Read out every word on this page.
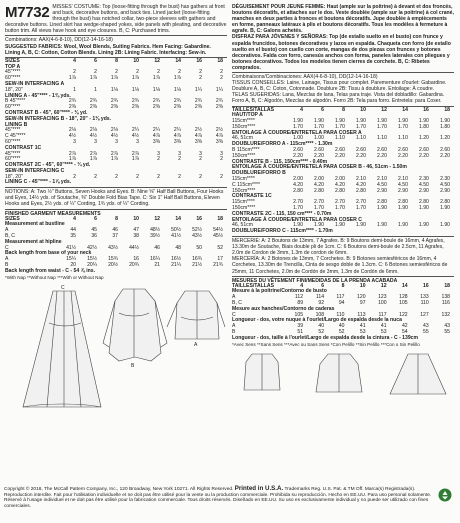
M7732 MISSES' COSTUME: Top (loose-fitting through the bust) has gathers at front and back, decorative buttons, and back ties. Lined jacket (loose-fitting through the bust) has notched collar, two-piece sleeves with gathers and decorative buttons. Lined skirt has wedge-shaped yokes, side panels with pleating, and decorative button trim. All views have hook and eye closures. B, C: Purchased trims.
Combinations: AAX(4-6-8-10), DD(12-14-16-18)
SUGGESTED FABRICS: Wool, Wool Blends, Suiting Fabrics. Hem Facing: Gabardine. Lining A, B, C: Cotton, Cotton Blends. Lining 2B: Lining Fabric. Interfacing: Sew-in.
SIZES	4	6	8	10	12	14	16	18
TOP A								
45"****	2	2	2	2	2	2	2	2
60"****	1⅞	1⅞	1⅞	1⅞	1⅞	1⅞	2	2
SEW-IN INTERFACING A								
18", 20"	1	1	1⅛	1⅛	1⅛	1⅛	1¼	1¼
LINING A - 45"**** - 1⅜ yds.								
B 45"****	2¾	2¾	2¾	2¾	2¾	2¾	2¾	2¾
60"****	2⅜	2⅜	2⅜	2⅜	2⅜	2⅜	2⅜	2⅜
CONTRAST B - 45", 60"**** - ⅜ yd.								
SEW-IN INTERFACING B - 18", 20" - 1⅜ yds.								
LINING B								
45"****	2⅛	2⅛	2⅛	2¼	2¼	2¼	2½	2½
C 45"****	4½	4½	4½	4½	4⅞	4⅞	4⅞	4⅞
60"****	3	3	3	3	3⅜	3⅜	3⅜	3⅜
CONTRAST 1C								
45"****	2⅞	2⅞	2⅞	2⅞	3	3	3	3
60"****	1⅞	1⅞	1⅞	1⅞	2	2	2	2
CONTRAST 2C - 45", 60"**** - ¾ yd.								
SEW-IN INTERFACING C								
18", 20"	2	2	2	2	2	2	2	2
LINING C - 45"**** - 1⅞ yds.								
NOTIONS: A: Two ½" Buttons, Seven Hooks and Eyes. B: Nine ⅝" Half Ball Buttons, Four Hooks and Eyes, 14½ yds. of Soutache, ⅜" Double Fold Bias Tape. C: Six 1" Half Ball Buttons, Eleven Hooks and Eyes, 2½ yds. of ¼" Cording, 1¾ yds. of ¼" Cording.
FINISHED GARMENT MEASUREMENTS
SIZES	4	6	8	10	12	14	16	18
Measurement at bustline								
A	44	45	46	47	48½	50½	52½	54½
B, C	35	36	37	38	39½	41½	43½	45½
Measurement at hipline								
C	41½	42½	43½	44½	46	48	50	52
Back length from base of your neck								
A	15¼	15½	15¾	16	16¼	16½	16¾	17
B	20	20¼	20½	20¾	21	21¼	21½	21¾
Back length from waist - C - 54 ⅞ ins.								
*With Nap **Without Nap ***With or Without Nap
C
B
A
DÉGUISEMENT POUR JEUNE FEMME: Haut (ample sur la poitrine) à devant et dos froncés, boutons décoratifs, et attaches sur le dos. Veste doublée (ample sur la poitrine) à col crané, manches en deux parties à fronces et boutons décoratifs. Jupe doublée à empiècements en forme, panneaux latéraux à plis et boutons décoratifs. Tous les modèles à fermeture à agrafe. B, C: Galons achetés.
DISFRAZ PARA JÓVENES Y SEÑORAS: Top (de estallo suelto en el busto) con frunce y espalda fruncídos, botones decorativos y lazos en espalda. Chaqueta con forro (de estallo suelto en el busto) con cuello con corte, mangas de dos piezas con frunces y botones decorativos. Falda con forro, canesús anchos con forma, paneles laterales con pliegues y botones decorativos. Todos los modelos tienen cierres de corchete. B, C: Ribetes comprados.
Combinaisons/Combinaciones: AAX(4-6-8-10), DD(12-14-16-18)
TISSUS CONSEILLÉS: Laine, Lainage, Tissus pour complet. Parementure d'ourlet: Gabardine. Doublure A, B, C: Coton, Cotonnade. Doublure 2B: Tissu à doublure. Entoilage: À coudre.
TELAS SUGERIDAS: Lana, Mezclas de lana, Telas para traje. Vista del dobladillo: Gabardina. Forro A, B, C: Algodón, Mezclas de algodón. Forro 2B: Tela para forro. Entretela: para Coser.
TAILLES/TALLAS	4	6	8	10	12	14	16	18
HAUT/TOP A								
115cm****	1.90	1.90	1.90	1.90	1.90	1.90	1.90	1.90
150cm****	1.70	1.70	1.70	1.70	1.70	1.70	1.80	1.80
ENTOILAGE À COUDRE/ENTRETELA PARA COSER A								
46, 51cm	1.00	1.00	1.10	1.10	1.10	1.10	1.20	1.20
DOUBLURE/FORRO A - 115cm**** - 1.30m								
B 115cm****	2.60	2.60	2.60	2.60	2.60	2.60	2.60	2.60
150cm****	2.20	2.20	2.20	2.20	2.20	2.20	2.20	2.20
CONTRASTE B - 115, 150cm**** - 0.40m								
ENTOILAGE À COUDRE/ENTRETELA PARA COSER B - 46, 51cm - 1.50m								
DOUBLURE/FORRO B								
115cm****	2.00	2.00	2.00	2.10	2.10	2.10	2.30	2.30
C 115cm****	4.20	4.20	4.20	4.20	4.50	4.50	4.50	4.50
150cm****	2.80	2.80	2.80	2.80	2.90	2.90	2.90	2.90
CONTRASTE 1C								
115cm****	2.70	2.70	2.70	2.70	2.80	2.80	2.80	2.80
150cm****	1.70	1.70	1.70	1.70	1.90	1.90	1.90	1.90
CONTRASTE 2C - 115, 150 cm**** - 0.70m								
ENTOILAGE À COUDRE/ENTRETELA PARA COSER C								
46, 51cm	1.90	1.90	1.90	1.90	1.90	1.90	1.90	1.90
DOUBLURE/FORRO C - 115cm**** - 1.70m								
MERCERIE: A: 2 Boutons de 13mm, 7 Agrafes. B: 9 Boutons demi-boule de 16mm, 4 Agrafes, 13.30m de Soutache, Biais double pli de 1cm. C: 6 Boutons demi-boule de 2.5cm, 11 Agrafes, 2.0m de Cordon de 3mm, 1.3m de cordon de 6mm.
MERCERÍA: A: 2 Botones de 13mm, 7 Corchetes. B: 9 Botones semiesféricos de 16mm, 4 Corchetes, 13.30m de Trencilla, Cinta de sesgo doble de 1.3cm. C: 6 Botones semiesféricos de 25mm, 11 Corchetes, 2.0m de Cordón de 3mm, 1.3m de Cordón de 6mm.
MESURES DU VÊTEMENT FINI/MEDIDAS DE LA PRENDA ACABADA
TAILLES/TALLAS	4	6	8	10	12	14	16	18
Mesure à la poitrine/Contorno de busto								
A	112	114	117	120	123	128	133	138
B, C	89	92	94	97	100	105	110	116
Mesure aux hanches/Contorno de caderas								
C	105	108	110	113	117	122	127	132
Longueur - dos, votre nuque à l'ourlet/Largo de espalda desde la nuca								
A	39	40	40	41	41	42	43	43
B	51	52	52	53	53	54	55	55
Longueur - dos, taille à l'ourlet/Largo de espalda desde la cintura - C - 139cm								
*Avec Sens **Sans Sens ***Avec ou Sans Sens *Con Pelillo **Sin Pelillo ***Con o Sin Pelillo
Copyright © 2018, The McCall Pattern Company, Inc., 120 Broadway, New York 10271. All Rights Reserved. Printed in U.S.A. Trademarks Reg. U.S. Pat. & TM Off. Marca(s) Registrada(s).
Reproduction interdite. Fait pour l'utilisation individuelle et ne doit pas être utilisé pour la vente ou la production commerciale. Prohibida su reproducción. Hecho en EE.UU. Para uso personal solamente.
Réservé à l'usage individuel et ne doit pas être utilisé pour la fabrication commerciale. Tous droits réservés. Diseñado en EE.UU. Su uso es exclusivamente individual y no puede ser utilizado con fines comerciales.
